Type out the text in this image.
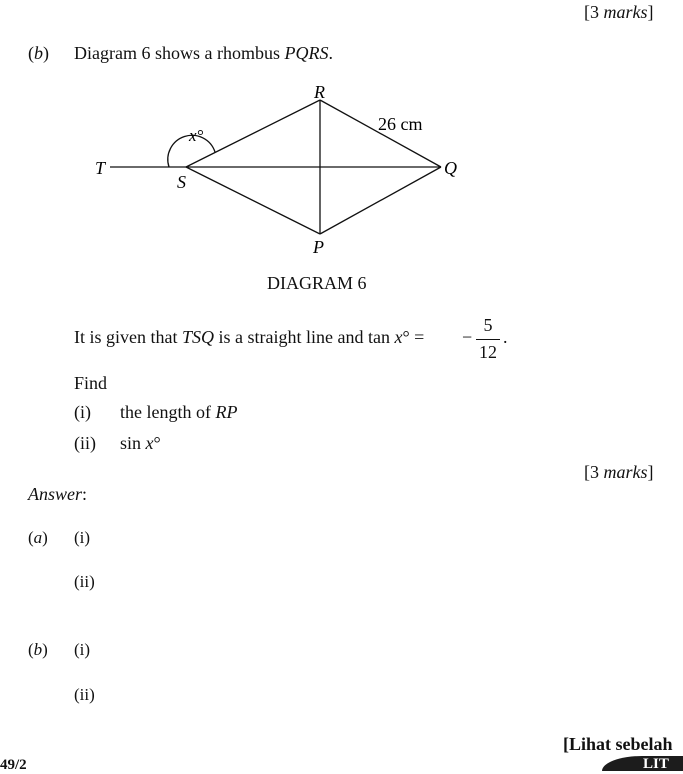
[3 marks]
(b) Diagram 6 shows a rhombus PQRS.
R
Q
S
P
T
x°
26 cm
DIAGRAM 6
It is given that TSQ is a straight line and tan x° = −
5
12
.
Find
(i) the length of RP
(ii) sin x°
[3 marks]
Answer:
(a) (i)
(ii)
(b) (i)
(ii)
49/2
[Lihat sebelah
LIT
